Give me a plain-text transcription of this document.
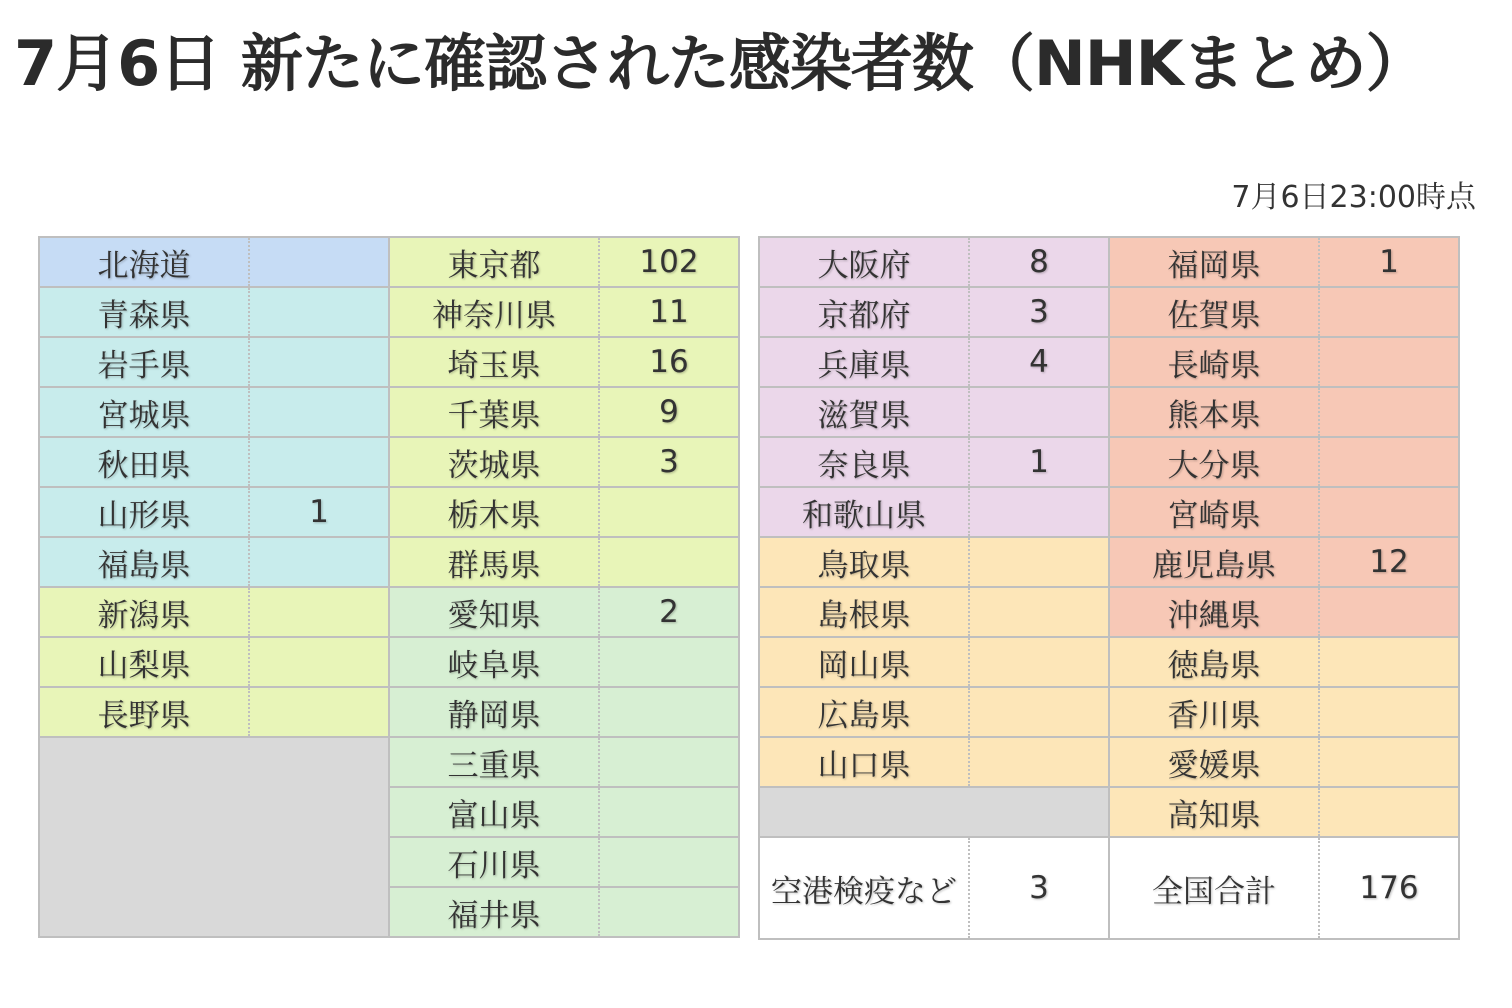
7月6日 新たに確認された感染者数（NHKまとめ）
7月6日23:00時点
北海道		東京都	102
青森県		神奈川県	11
岩手県		埼玉県	16
宮城県		千葉県	9
秋田県		茨城県	3
山形県	1	栃木県	
福島県		群馬県	
新潟県		愛知県	2
山梨県		岐阜県	
長野県		静岡県	
		三重県	
		富山県	
		石川県	
		福井県	
大阪府	8	福岡県	1
京都府	3	佐賀県	
兵庫県	4	長崎県	
滋賀県		熊本県	
奈良県	1	大分県	
和歌山県		宮崎県	
鳥取県		鹿児島県	12
島根県		沖縄県	
岡山県		徳島県	
広島県		香川県	
山口県		愛媛県	
		高知県	
空港検疫など	3	全国合計	176
